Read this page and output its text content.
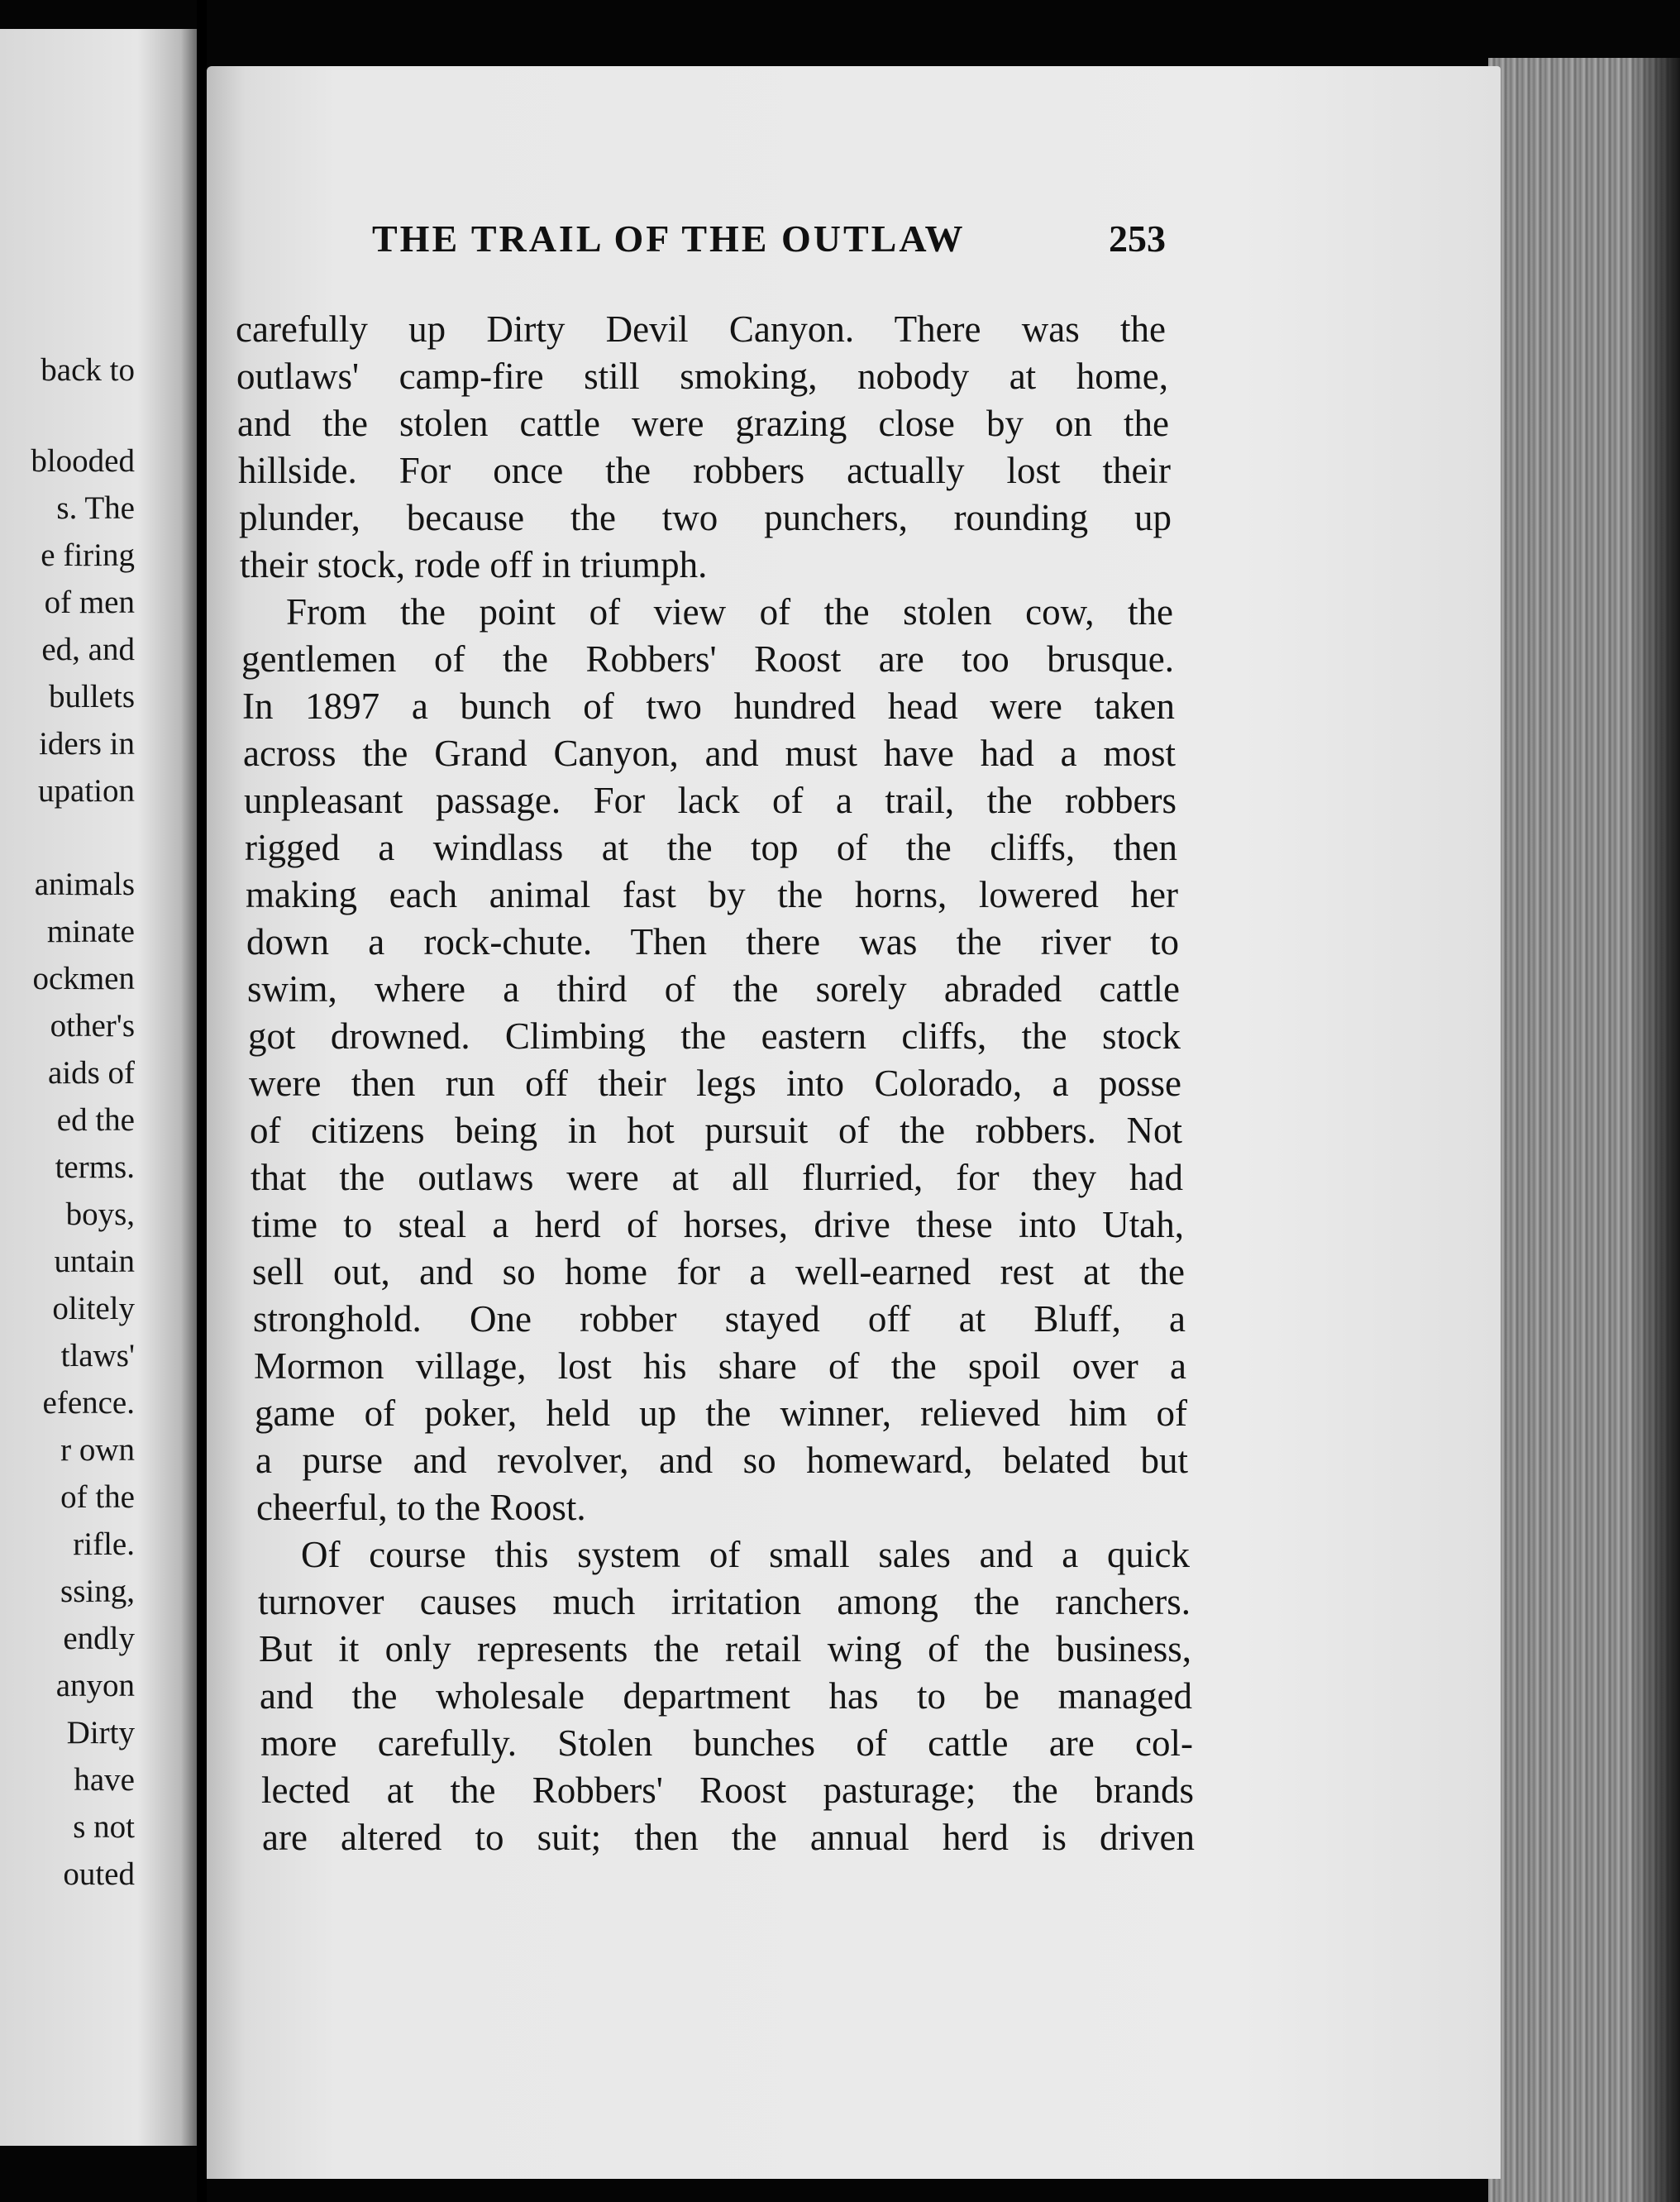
back to
blooded
s. The
e firing
of men
ed, and
bullets
iders in
upation
animals
minate
ockmen
other's
aids of
ed the
terms.
boys,
untain
olitely
tlaws'
efence.
r own
of the
rifle.
ssing,
endly
anyon
Dirty
have
s not
outed
THE TRAIL OF THE OUTLAW	253
carefully up Dirty Devil Canyon. There was the
outlaws' camp-fire still smoking, nobody at home,
and the stolen cattle were grazing close by on the
hillside. For once the robbers actually lost their
plunder, because the two punchers, rounding up
their stock, rode off in triumph.
From the point of view of the stolen cow, the
gentlemen of the Robbers' Roost are too brusque.
In 1897 a bunch of two hundred head were taken
across the Grand Canyon, and must have had a most
unpleasant passage. For lack of a trail, the robbers
rigged a windlass at the top of the cliffs, then
making each animal fast by the horns, lowered her
down a rock-chute. Then there was the river to
swim, where a third of the sorely abraded cattle
got drowned. Climbing the eastern cliffs, the stock
were then run off their legs into Colorado, a posse
of citizens being in hot pursuit of the robbers. Not
that the outlaws were at all flurried, for they had
time to steal a herd of horses, drive these into Utah,
sell out, and so home for a well-earned rest at the
stronghold. One robber stayed off at Bluff, a
Mormon village, lost his share of the spoil over a
game of poker, held up the winner, relieved him of
a purse and revolver, and so homeward, belated but
cheerful, to the Roost.
Of course this system of small sales and a quick
turnover causes much irritation among the ranchers.
But it only represents the retail wing of the business,
and the wholesale department has to be managed
more carefully. Stolen bunches of cattle are col-
lected at the Robbers' Roost pasturage; the brands
are altered to suit; then the annual herd is driven
